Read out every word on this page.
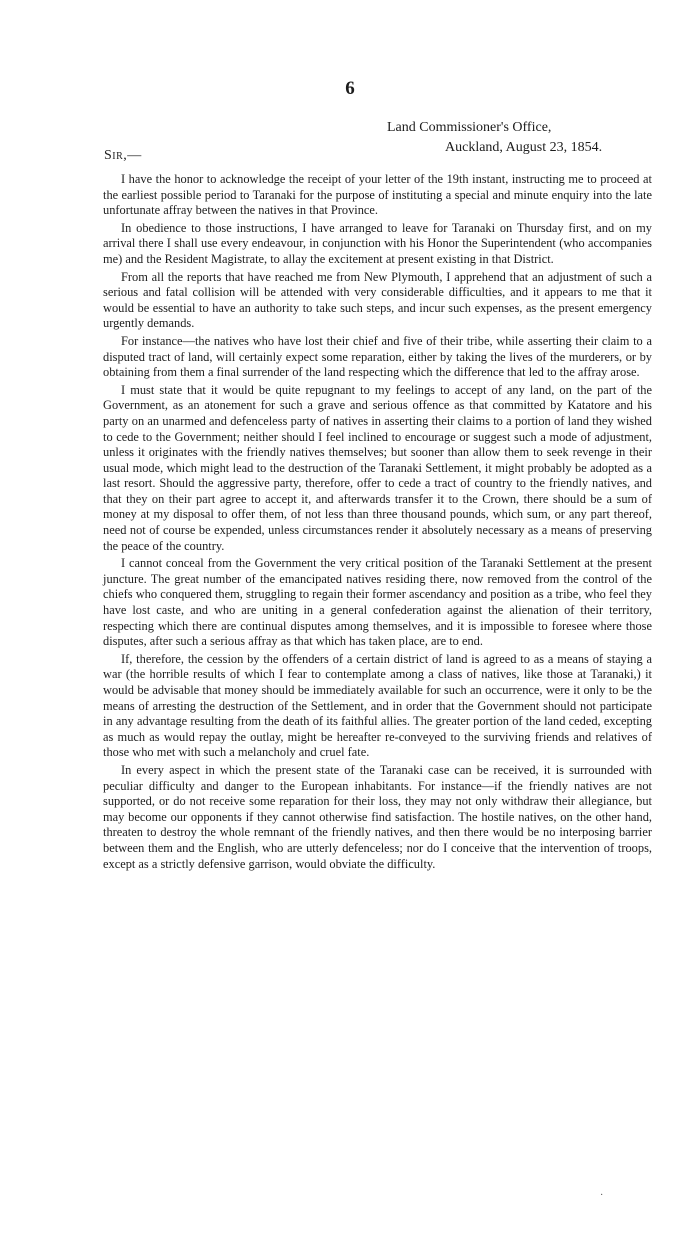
6
Land Commissioner's Office,
Auckland, August 23, 1854.
Sir,—

I have the honor to acknowledge the receipt of your letter of the 19th instant, instructing me to proceed at the earliest possible period to Taranaki for the purpose of instituting a special and minute enquiry into the late unfortunate affray between the natives in that Province.

In obedience to those instructions, I have arranged to leave for Taranaki on Thursday first, and on my arrival there I shall use every endeavour, in conjunction with his Honor the Superintendent (who accompanies me) and the Resident Magistrate, to allay the excitement at present existing in that District.

From all the reports that have reached me from New Plymouth, I apprehend that an adjustment of such a serious and fatal collision will be attended with very considerable difficulties, and it appears to me that it would be essential to have an authority to take such steps, and incur such expenses, as the present emergency urgently demands.

For instance—the natives who have lost their chief and five of their tribe, while asserting their claim to a disputed tract of land, will certainly expect some reparation, either by taking the lives of the murderers, or by obtaining from them a final surrender of the land respecting which the difference that led to the affray arose.

I must state that it would be quite repugnant to my feelings to accept of any land, on the part of the Government, as an atonement for such a grave and serious offence as that committed by Katatore and his party on an unarmed and defenceless party of natives in asserting their claims to a portion of land they wished to cede to the Government; neither should I feel inclined to encourage or suggest such a mode of adjustment, unless it originates with the friendly natives themselves; but sooner than allow them to seek revenge in their usual mode, which might lead to the destruction of the Taranaki Settlement, it might probably be adopted as a last resort. Should the aggressive party, therefore, offer to cede a tract of country to the friendly natives, and that they on their part agree to accept it, and afterwards transfer it to the Crown, there should be a sum of money at my disposal to offer them, of not less than three thousand pounds, which sum, or any part thereof, need not of course be expended, unless circumstances render it absolutely necessary as a means of preserving the peace of the country.

I cannot conceal from the Government the very critical position of the Taranaki Settlement at the present juncture. The great number of the emancipated natives residing there, now removed from the control of the chiefs who conquered them, struggling to regain their former ascendancy and position as a tribe, who feel they have lost caste, and who are uniting in a general confederation against the alienation of their territory, respecting which there are continual disputes among themselves, and it is impossible to foresee where those disputes, after such a serious affray as that which has taken place, are to end.

If, therefore, the cession by the offenders of a certain district of land is agreed to as a means of staying a war (the horrible results of which I fear to contemplate among a class of natives, like those at Taranaki,) it would be advisable that money should be immediately available for such an occurrence, were it only to be the means of arresting the destruction of the Settlement, and in order that the Government should not participate in any advantage resulting from the death of its faithful allies. The greater portion of the land ceded, excepting as much as would repay the outlay, might be hereafter re-conveyed to the surviving friends and relatives of those who met with such a melancholy and cruel fate.

In every aspect in which the present state of the Taranaki case can be received, it is surrounded with peculiar difficulty and danger to the European inhabitants. For instance—if the friendly natives are not supported, or do not receive some reparation for their loss, they may not only withdraw their allegiance, but may become our opponents if they cannot otherwise find satisfaction. The hostile natives, on the other hand, threaten to destroy the whole remnant of the friendly natives, and then there would be no interposing barrier between them and the English, who are utterly defenceless; nor do I conceive that the intervention of troops, except as a strictly defensive garrison, would obviate the difficulty.

·
